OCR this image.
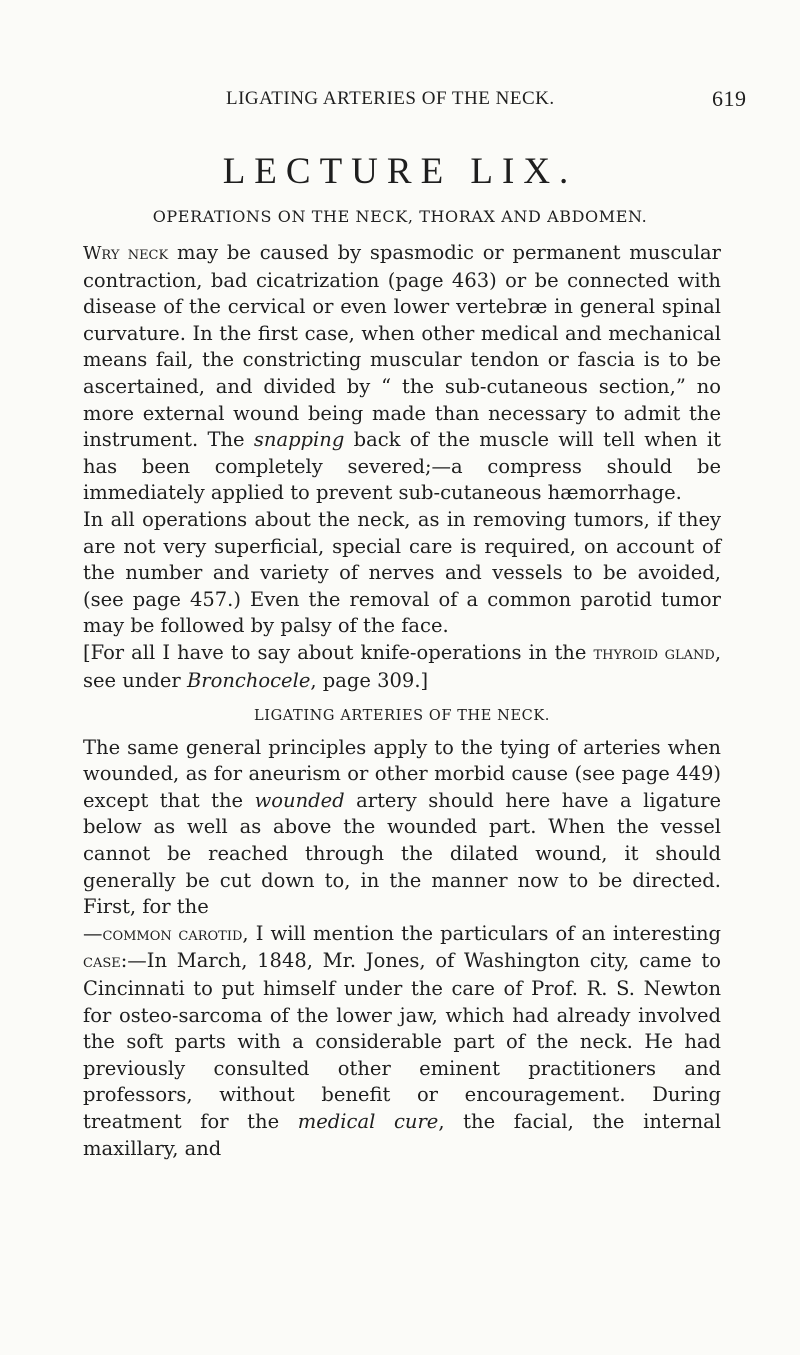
LIGATING ARTERIES OF THE NECK.	619
LECTURE LIX.
OPERATIONS ON THE NECK, THORAX AND ABDOMEN.

Wry neck may be caused by spasmodic or permanent muscular contraction, bad cicatrization (page 463) or be connected with disease of the cervical or even lower vertebræ in general spinal curvature. In the first case, when other medical and mechanical means fail, the constricting muscular tendon or fascia is to be ascertained, and divided by “ the sub-cutaneous section,” no more external wound being made than necessary to admit the instrument. The snapping back of the muscle will tell when it has been completely severed;—a compress should be immediately applied to prevent sub-cutaneous hæmorrhage.

In all operations about the neck, as in removing tumors, if they are not very superficial, special care is required, on account of the number and variety of nerves and vessels to be avoided, (see page 457.) Even the removal of a common parotid tumor may be followed by palsy of the face.

[For all I have to say about knife-operations in the thyroid gland, see under Bronchocele, page 309.]

LIGATING ARTERIES OF THE NECK.

The same general principles apply to the tying of arteries when wounded, as for aneurism or other morbid cause (see page 449) except that the wounded artery should here have a ligature below as well as above the wounded part. When the vessel cannot be reached through the dilated wound, it should generally be cut down to, in the manner now to be directed. First, for the

—common carotid, I will mention the particulars of an interesting case:—In March, 1848, Mr. Jones, of Washington city, came to Cincinnati to put himself under the care of Prof. R. S. Newton for osteo-sarcoma of the lower jaw, which had already involved the soft parts with a considerable part of the neck. He had previously consulted other eminent practitioners and professors, without benefit or encouragement. During treatment for the medical cure, the facial, the internal maxillary, and
